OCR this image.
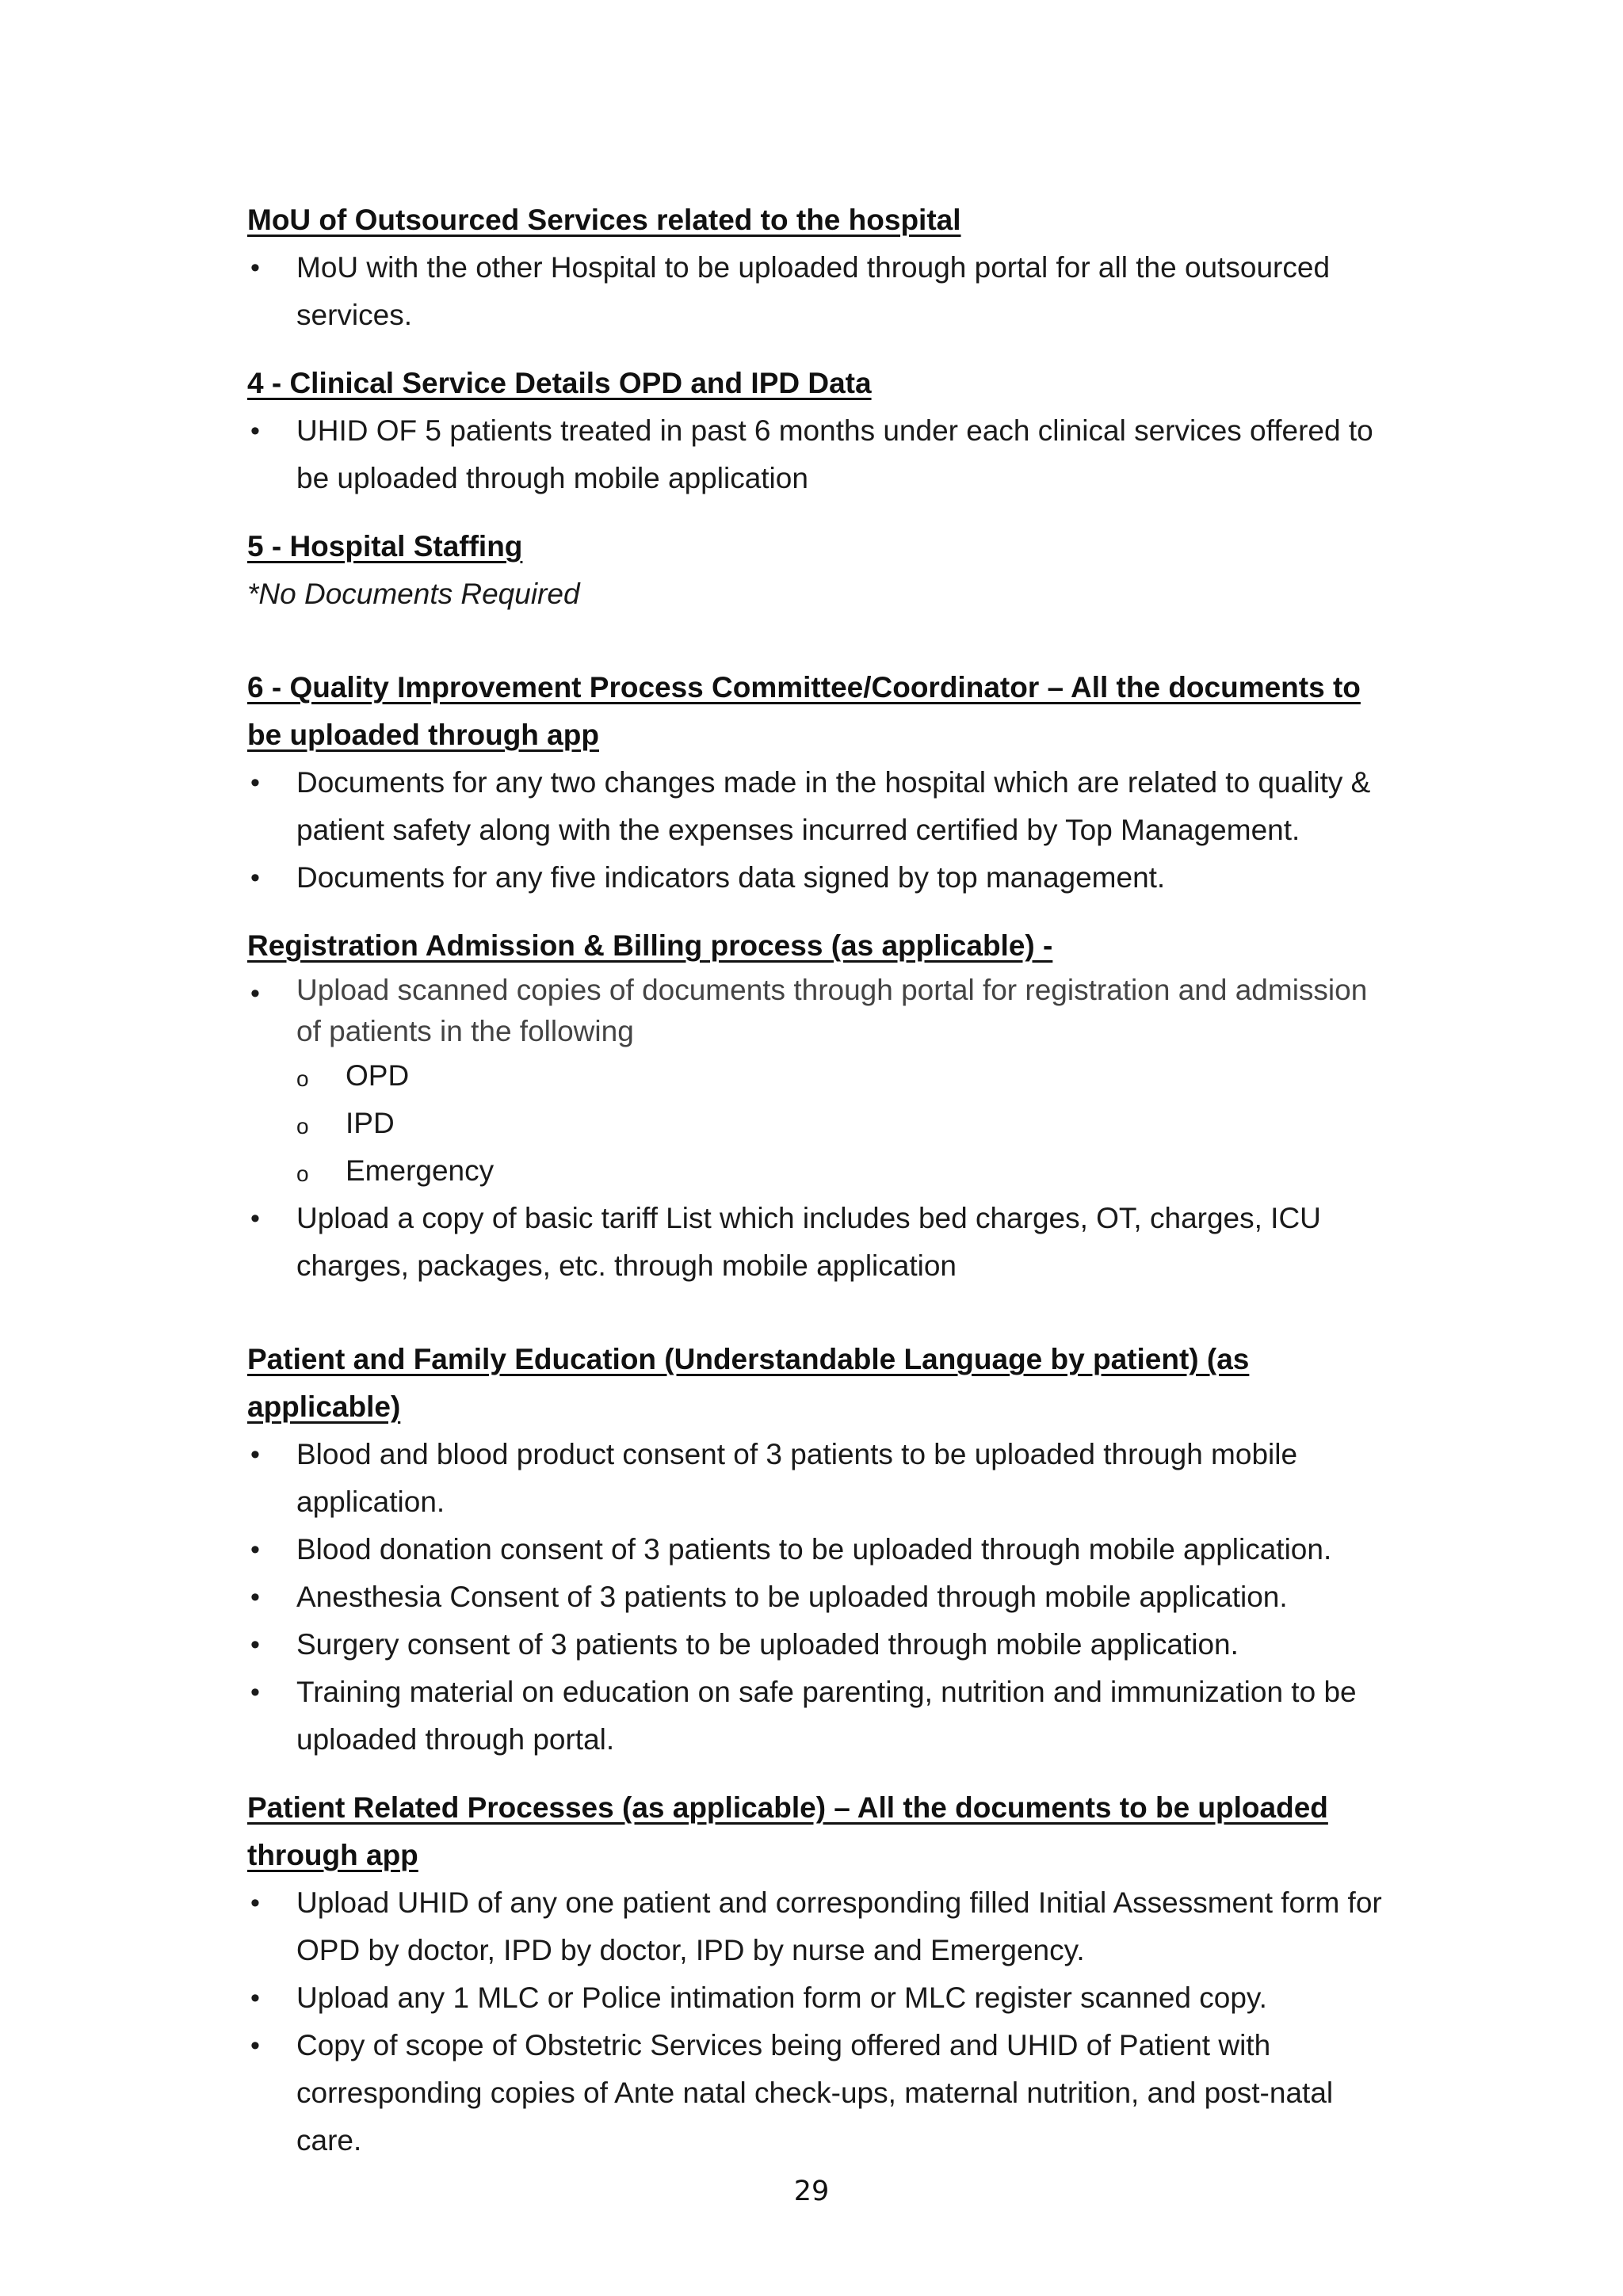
MoU of Outsourced Services related to the hospital
• MoU with the other Hospital to be uploaded through portal for all the outsourced services.
4 - Clinical Service Details OPD and IPD Data
• UHID OF 5 patients treated in past 6 months under each clinical services offered to be uploaded through mobile application
5 - Hospital Staffing

*No Documents Required

6 - Quality Improvement Process Committee/Coordinator – All the documents to be uploaded through app
• Documents for any two changes made in the hospital which are related to quality & patient safety along with the expenses incurred certified by Top Management.
• Documents for any five indicators data signed by top management.
Registration Admission & Billing process (as applicable) -
• Upload scanned copies of documents through portal for registration and admission of patients in the following
o OPD
o IPD
o Emergency
• Upload a copy of basic tariff List which includes bed charges, OT, charges, ICU charges, packages, etc. through mobile application
Patient and Family Education (Understandable Language by patient) (as applicable)
• Blood and blood product consent of 3 patients to be uploaded through mobile application.
• Blood donation consent of 3 patients to be uploaded through mobile application.
• Anesthesia Consent of 3 patients to be uploaded through mobile application.
• Surgery consent of 3 patients to be uploaded through mobile application.
• Training material on education on safe parenting, nutrition and immunization to be uploaded through portal.
Patient Related Processes (as applicable) – All the documents to be uploaded through app
• Upload UHID of any one patient and corresponding filled Initial Assessment form for OPD by doctor, IPD by doctor, IPD by nurse and Emergency.
• Upload any 1 MLC or Police intimation form or MLC register scanned copy.
• Copy of scope of Obstetric Services being offered and UHID of Patient with corresponding copies of Ante natal check-ups, maternal nutrition, and post-natal care.
29
